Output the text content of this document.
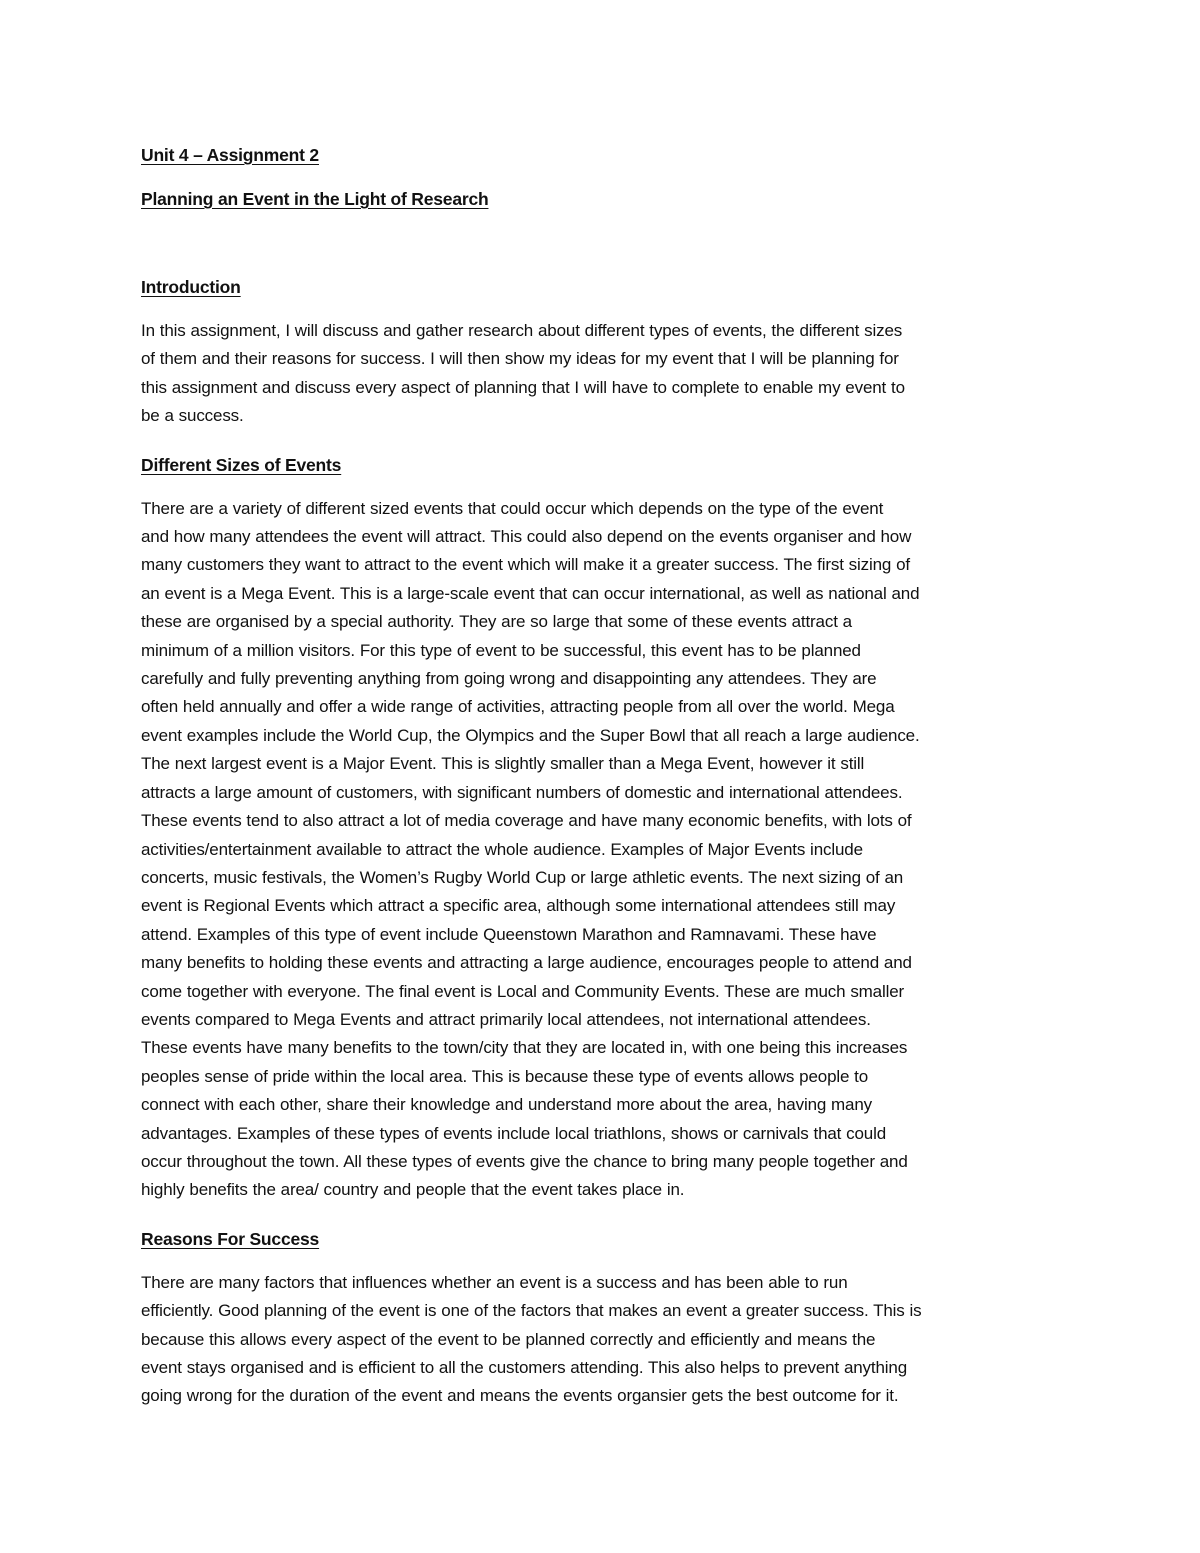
Unit 4 – Assignment 2

Planning an Event in the Light of Research

Introduction

In this assignment, I will discuss and gather research about different types of events, the different sizes
of them and their reasons for success. I will then show my ideas for my event that I will be planning for
this assignment and discuss every aspect of planning that I will have to complete to enable my event to
be a success.

Different Sizes of Events

There are a variety of different sized events that could occur which depends on the type of the event
and how many attendees the event will attract. This could also depend on the events organiser and how
many customers they want to attract to the event which will make it a greater success. The first sizing of
an event is a Mega Event. This is a large-scale event that can occur international, as well as national and
these are organised by a special authority. They are so large that some of these events attract a
minimum of a million visitors. For this type of event to be successful, this event has to be planned
carefully and fully preventing anything from going wrong and disappointing any attendees. They are
often held annually and offer a wide range of activities, attracting people from all over the world. Mega
event examples include the World Cup, the Olympics and the Super Bowl that all reach a large audience.
The next largest event is a Major Event. This is slightly smaller than a Mega Event, however it still
attracts a large amount of customers, with significant numbers of domestic and international attendees.
These events tend to also attract a lot of media coverage and have many economic benefits, with lots of
activities/entertainment available to attract the whole audience. Examples of Major Events include
concerts, music festivals, the Women’s Rugby World Cup or large athletic events. The next sizing of an
event is Regional Events which attract a specific area, although some international attendees still may
attend. Examples of this type of event include Queenstown Marathon and Ramnavami. These have
many benefits to holding these events and attracting a large audience, encourages people to attend and
come together with everyone. The final event is Local and Community Events. These are much smaller
events compared to Mega Events and attract primarily local attendees, not international attendees.
These events have many benefits to the town/city that they are located in, with one being this increases
peoples sense of pride within the local area. This is because these type of events allows people to
connect with each other, share their knowledge and understand more about the area, having many
advantages. Examples of these types of events include local triathlons, shows or carnivals that could
occur throughout the town. All these types of events give the chance to bring many people together and
highly benefits the area/ country and people that the event takes place in.

Reasons For Success

There are many factors that influences whether an event is a success and has been able to run
efficiently. Good planning of the event is one of the factors that makes an event a greater success. This is
because this allows every aspect of the event to be planned correctly and efficiently and means the
event stays organised and is efficient to all the customers attending. This also helps to prevent anything
going wrong for the duration of the event and means the events organsier gets the best outcome for it.
